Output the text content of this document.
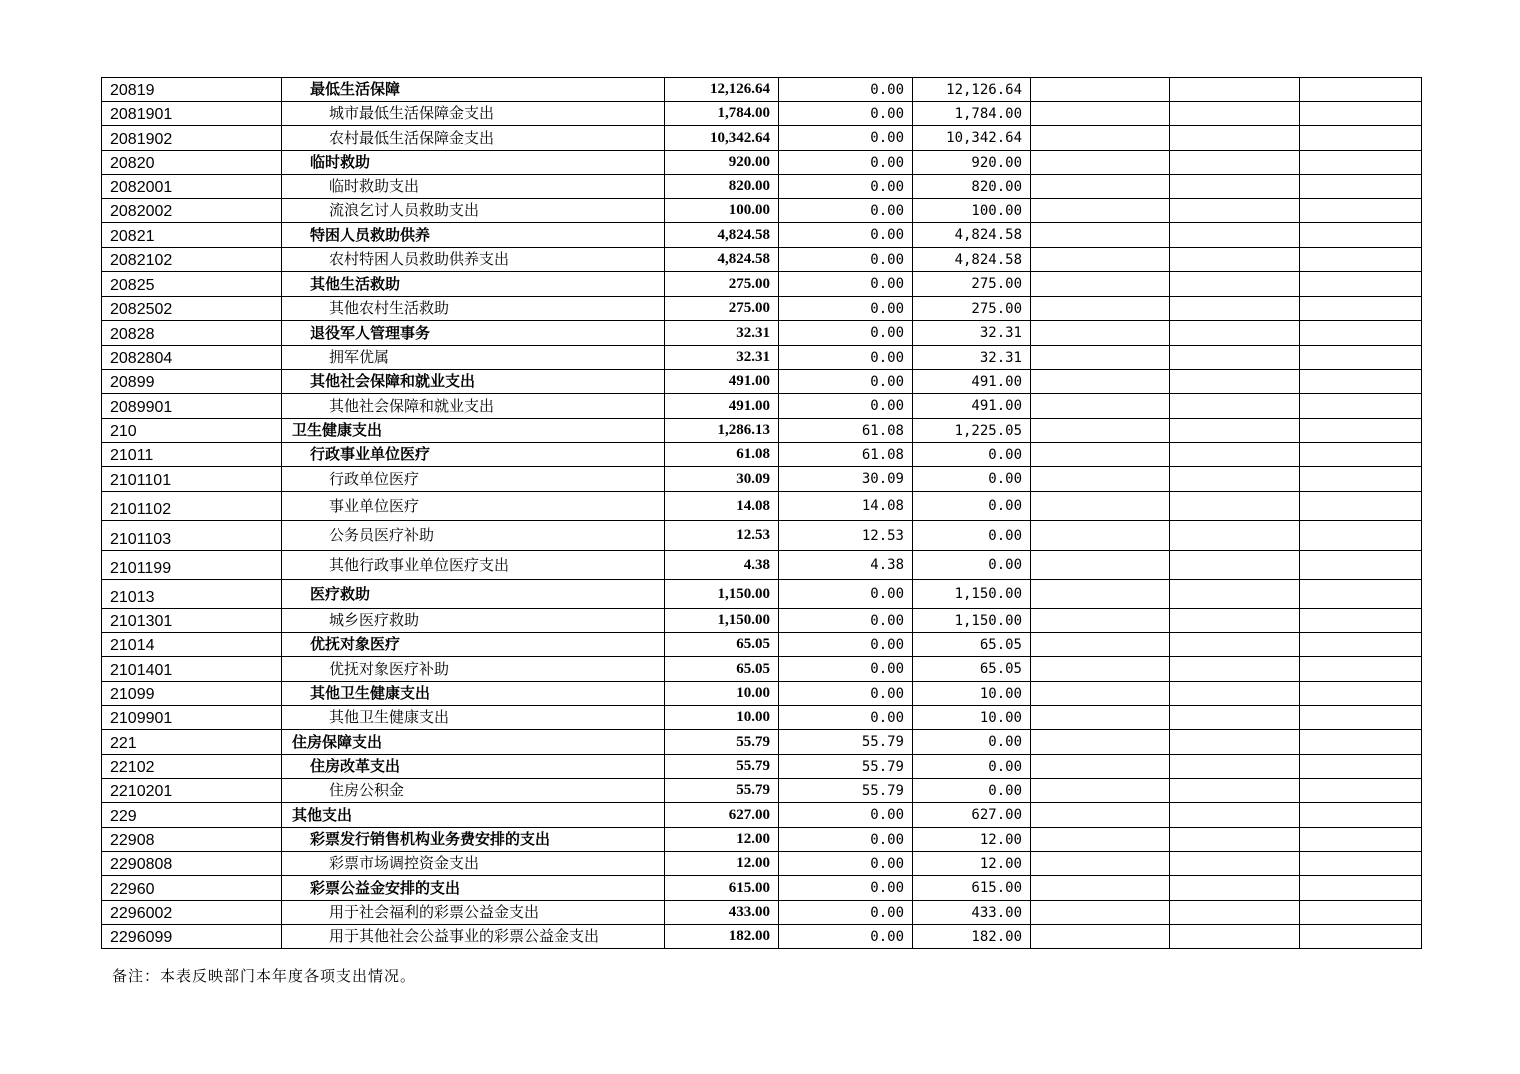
20819	最低生活保障	12,126.64	0.00	12,126.64			
2081901	城市最低生活保障金支出	1,784.00	0.00	1,784.00			
2081902	农村最低生活保障金支出	10,342.64	0.00	10,342.64			
20820	临时救助	920.00	0.00	920.00			
2082001	临时救助支出	820.00	0.00	820.00			
2082002	流浪乞讨人员救助支出	100.00	0.00	100.00			
20821	特困人员救助供养	4,824.58	0.00	4,824.58			
2082102	农村特困人员救助供养支出	4,824.58	0.00	4,824.58			
20825	其他生活救助	275.00	0.00	275.00			
2082502	其他农村生活救助	275.00	0.00	275.00			
20828	退役军人管理事务	32.31	0.00	32.31			
2082804	拥军优属	32.31	0.00	32.31			
20899	其他社会保障和就业支出	491.00	0.00	491.00			
2089901	其他社会保障和就业支出	491.00	0.00	491.00			
210	卫生健康支出	1,286.13	61.08	1,225.05			
21011	行政事业单位医疗	61.08	61.08	0.00			
2101101	行政单位医疗	30.09	30.09	0.00			
2101102	事业单位医疗	14.08	14.08	0.00			
2101103	公务员医疗补助	12.53	12.53	0.00			
2101199	其他行政事业单位医疗支出	4.38	4.38	0.00			
21013	医疗救助	1,150.00	0.00	1,150.00			
2101301	城乡医疗救助	1,150.00	0.00	1,150.00			
21014	优抚对象医疗	65.05	0.00	65.05			
2101401	优抚对象医疗补助	65.05	0.00	65.05			
21099	其他卫生健康支出	10.00	0.00	10.00			
2109901	其他卫生健康支出	10.00	0.00	10.00			
221	住房保障支出	55.79	55.79	0.00			
22102	住房改革支出	55.79	55.79	0.00			
2210201	住房公积金	55.79	55.79	0.00			
229	其他支出	627.00	0.00	627.00			
22908	彩票发行销售机构业务费安排的支出	12.00	0.00	12.00			
2290808	彩票市场调控资金支出	12.00	0.00	12.00			
22960	彩票公益金安排的支出	615.00	0.00	615.00			
2296002	用于社会福利的彩票公益金支出	433.00	0.00	433.00			
2296099	用于其他社会公益事业的彩票公益金支出	182.00	0.00	182.00			
备注：本表反映部门本年度各项支出情况。
